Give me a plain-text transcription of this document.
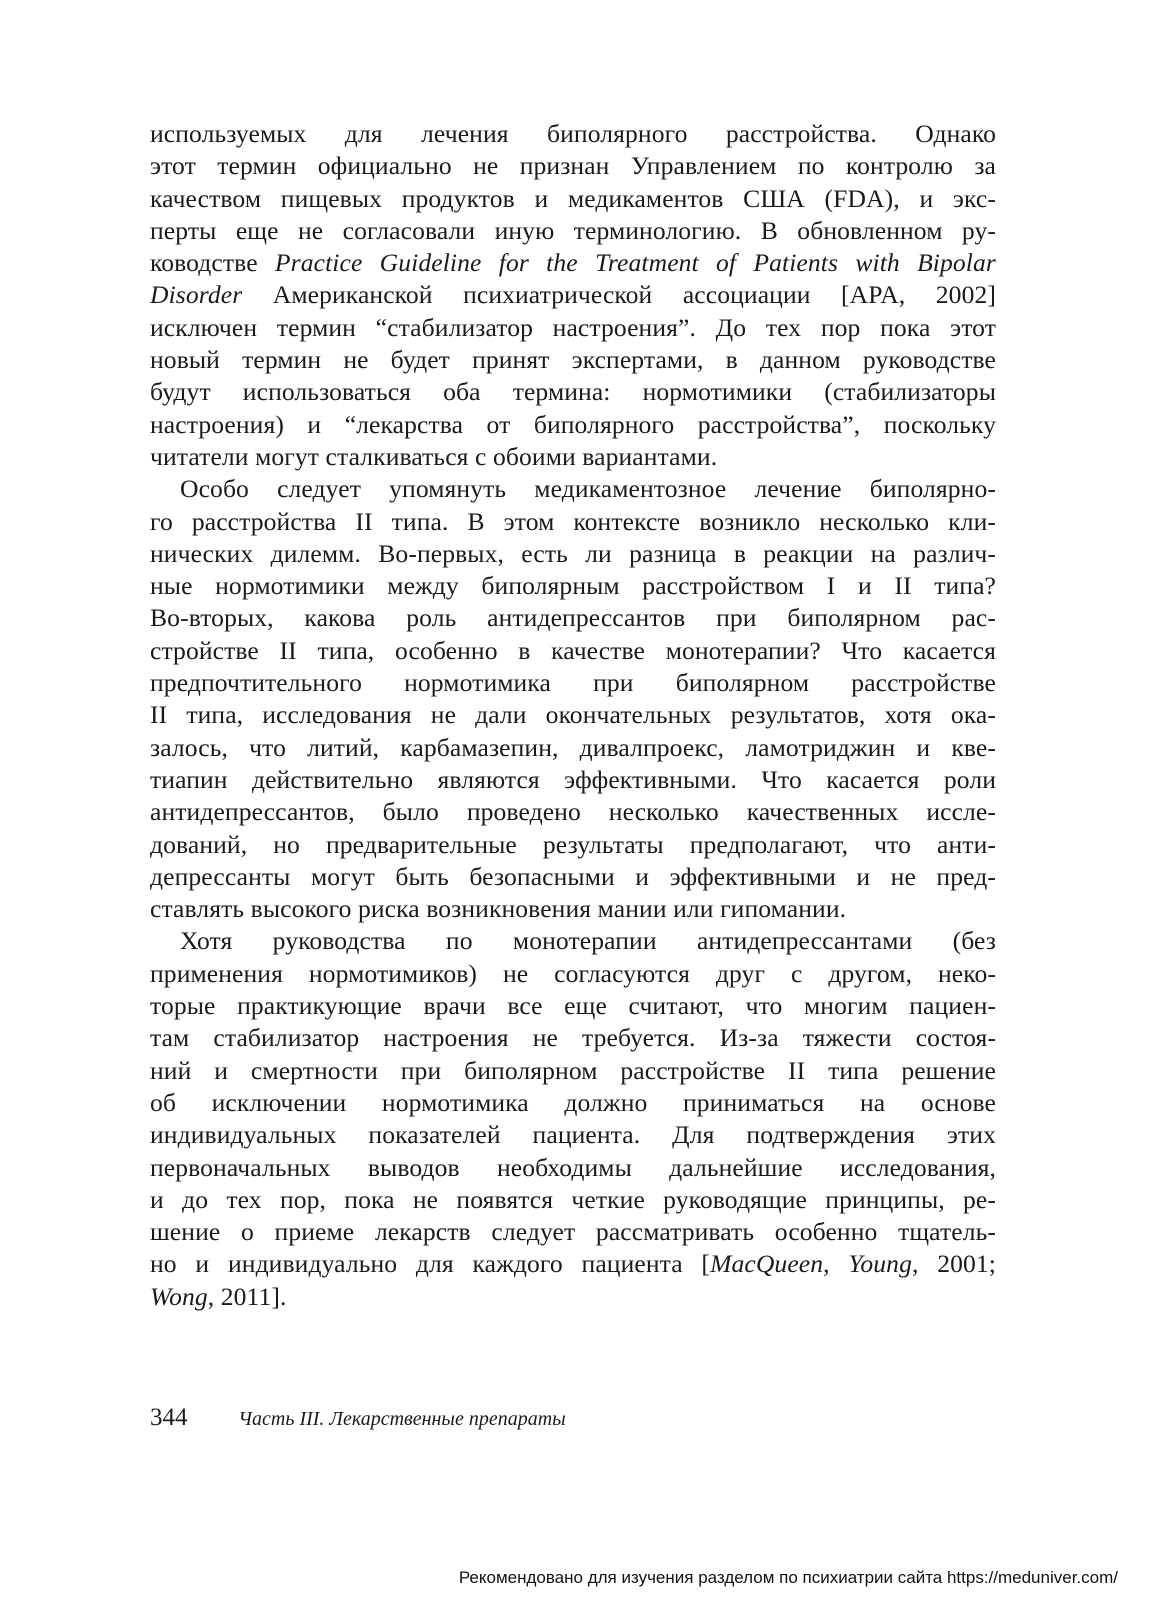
используемых для лечения биполярного расстройства. Однако
этот термин официально не признан Управлением по контролю за
качеством пищевых продуктов и медикаментов США (FDA), и экс-
перты еще не согласовали иную терминологию. В обновленном ру-
ководстве Practice Guideline for the Treatment of Patients with Bipolar
Disorder Американской психиатрической ассоциации [APA, 2002]
исключен термин “стабилизатор настроения”. До тех пор пока этот
новый термин не будет принят экспертами, в данном руководстве
будут использоваться оба термина: нормотимики (стабилизаторы
настроения) и “лекарства от биполярного расстройства”, поскольку
читатели могут сталкиваться с обоими вариантами.
Особо следует упомянуть медикаментозное лечение биполярно-
го расстройства II типа. В этом контексте возникло несколько кли-
нических дилемм. Во-первых, есть ли разница в реакции на различ-
ные нормотимики между биполярным расстройством I и II типа?
Во-вторых, какова роль антидепрессантов при биполярном рас-
стройстве II типа, особенно в качестве монотерапии? Что касается
предпочтительного нормотимика при биполярном расстройстве
II типа, исследования не дали окончательных результатов, хотя ока-
залось, что литий, карбамазепин, дивалпроекс, ламотриджин и кве-
тиапин действительно являются эффективными. Что касается роли
антидепрессантов, было проведено несколько качественных иссле-
дований, но предварительные результаты предполагают, что анти-
депрессанты могут быть безопасными и эффективными и не пред-
ставлять высокого риска возникновения мании или гипомании.
Хотя руководства по монотерапии антидепрессантами (без
применения нормотимиков) не согласуются друг с другом, неко-
торые практикующие врачи все еще считают, что многим пациен-
там стабилизатор настроения не требуется. Из-за тяжести состоя-
ний и смертности при биполярном расстройстве II типа решение
об исключении нормотимика должно приниматься на основе
индивидуальных показателей пациента. Для подтверждения этих
первоначальных выводов необходимы дальнейшие исследования,
и до тех пор, пока не появятся четкие руководящие принципы, ре-
шение о приеме лекарств следует рассматривать особенно тщатель-
но и индивидуально для каждого пациента [MacQueen, Young, 2001;
Wong, 2011].
344	Часть III. Лекарственные препараты
Рекомендовано для изучения разделом по психиатрии сайта https://meduniver.com/
